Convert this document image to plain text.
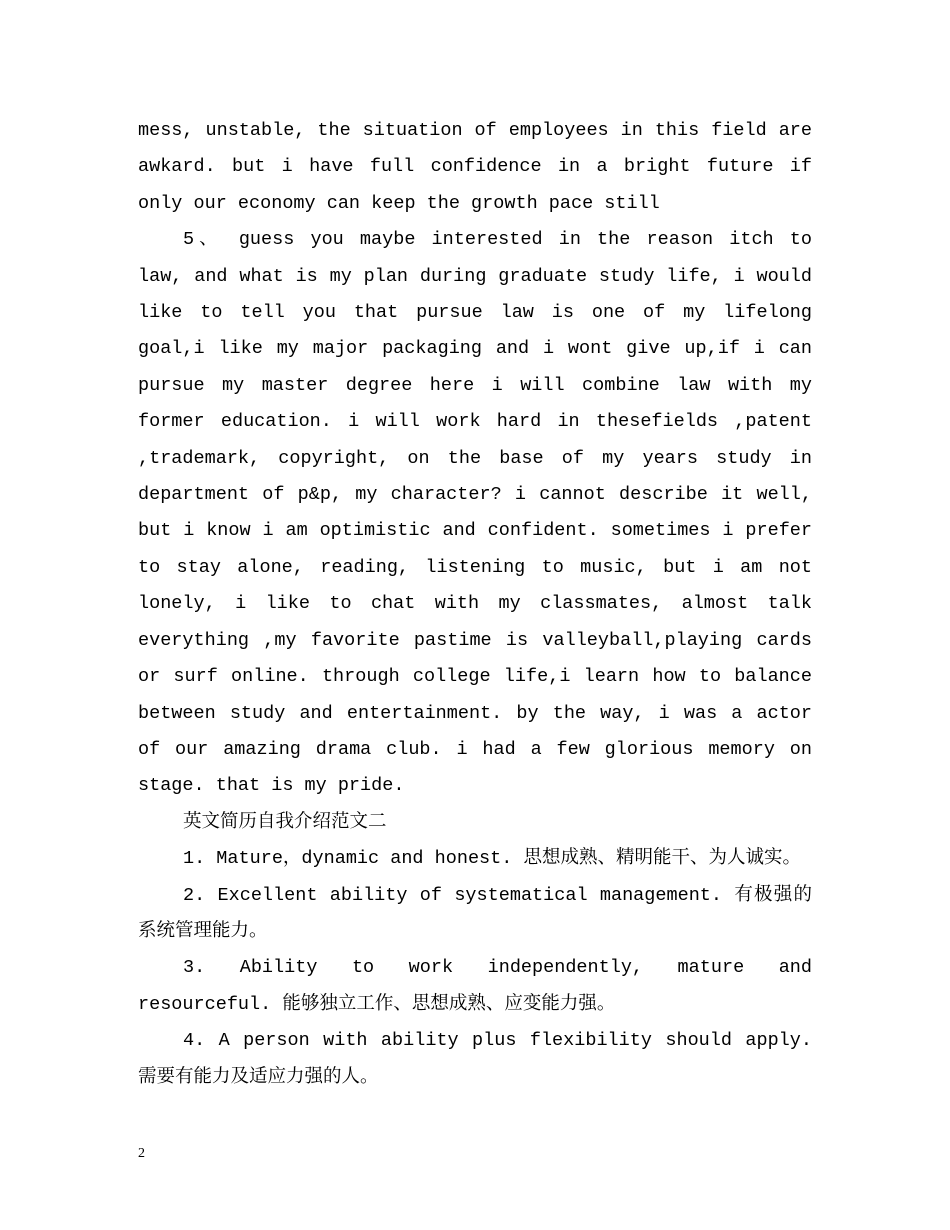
mess, unstable, the situation of employees in this field are awkard. but i have full confidence in a bright future if only our economy can keep the growth pace still

5、 guess you maybe interested in the reason itch to law, and what is my plan during graduate study life, i would like to tell you that pursue law is one of my lifelong goal,i like my major packaging and i wont give up,if i can pursue my master degree here i will combine law with my former education. i will work hard in thesefields ,patent ,trademark, copyright, on the base of my years study in department of p&p, my character? i cannot describe it well, but i know i am optimistic and confident. sometimes i prefer to stay alone, reading, listening to music, but i am not lonely, i like to chat with my classmates, almost talk everything ,my favorite pastime is valleyball,playing cards or surf online. through college life,i learn how to balance between study and entertainment. by the way, i was a actor of our amazing drama club. i had a few glorious memory on stage. that is my pride.

英文简历自我介绍范文二

1. Mature，dynamic and honest. 思想成熟、精明能干、为人诚实。

2. Excellent ability of systematical management. 有极强的系统管理能力。

3. Ability to work independently, mature and resourceful. 能够独立工作、思想成熟、应变能力强。

4. A person with ability plus flexibility should apply. 需要有能力及适应力强的人。

2
